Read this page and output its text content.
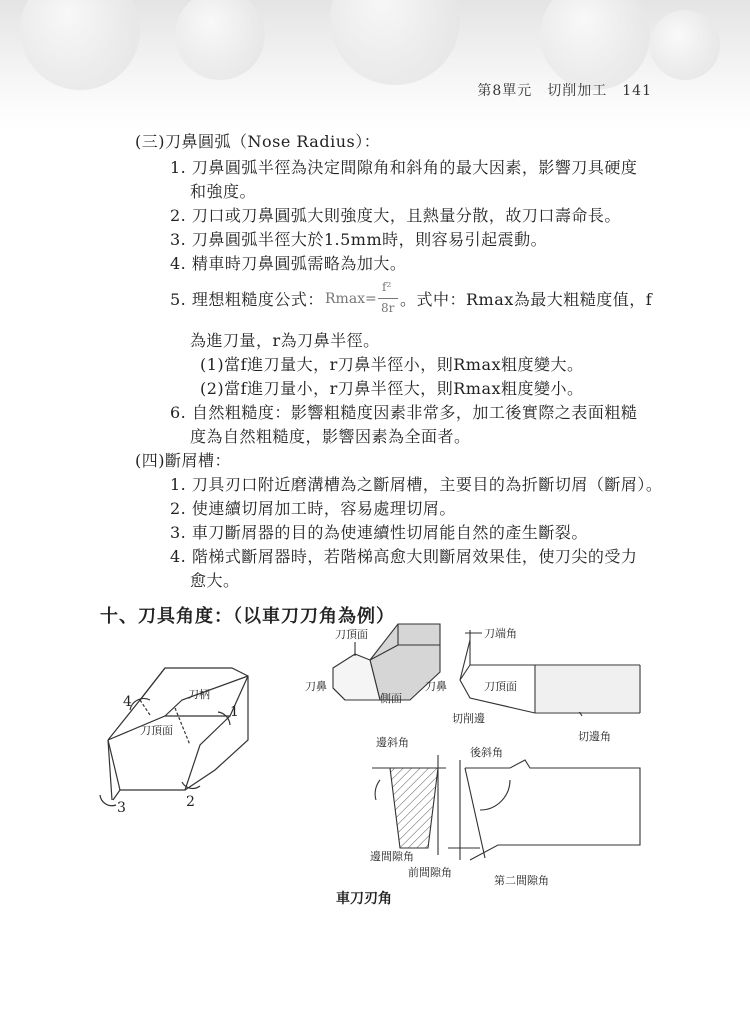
第8單元　切削加工　141
(三)刀鼻圓弧（Nose Radius）：
1. 刀鼻圓弧半徑為決定間隙角和斜角的最大因素，影響刀具硬度
和強度。
2. 刀口或刀鼻圓弧大則強度大，且熱量分散，故刀口壽命長。
3. 刀鼻圓弧半徑大於1.5mm時，則容易引起震動。
4. 精車時刀鼻圓弧需略為加大。
5. 理想粗糙度公式： Rmax=
f²
8r 。式中：Rmax為最大粗糙度值，f
為進刀量，r為刀鼻半徑。
(1)當f進刀量大，r刀鼻半徑小，則Rmax粗度變大。
(2)當f進刀量小，r刀鼻半徑大，則Rmax粗度變小。
6. 自然粗糙度：影響粗糙度因素非常多，加工後實際之表面粗糙
度為自然粗糙度，影響因素為全面者。
(四)斷屑槽：
1. 刀具刃口附近磨溝槽為之斷屑槽，主要目的為折斷切屑（斷屑）。
2. 使連續切屑加工時，容易處理切屑。
3. 車刀斷屑器的目的為使連續性切屑能自然的產生斷裂。
4. 階梯式斷屑器時，若階梯高愈大則斷屑效果佳，使刀尖的受力
愈大。
十、刀具角度：（以車刀刀角為例）
刀柄
刀頂面
1
2
3
4
刀頂面
刀鼻
側面
刀端角
刀鼻	刀頂面
切削邊
切邊角
邊斜角
後斜角
邊間隙角
前間隙角
第二間隙角
車刀刃角
